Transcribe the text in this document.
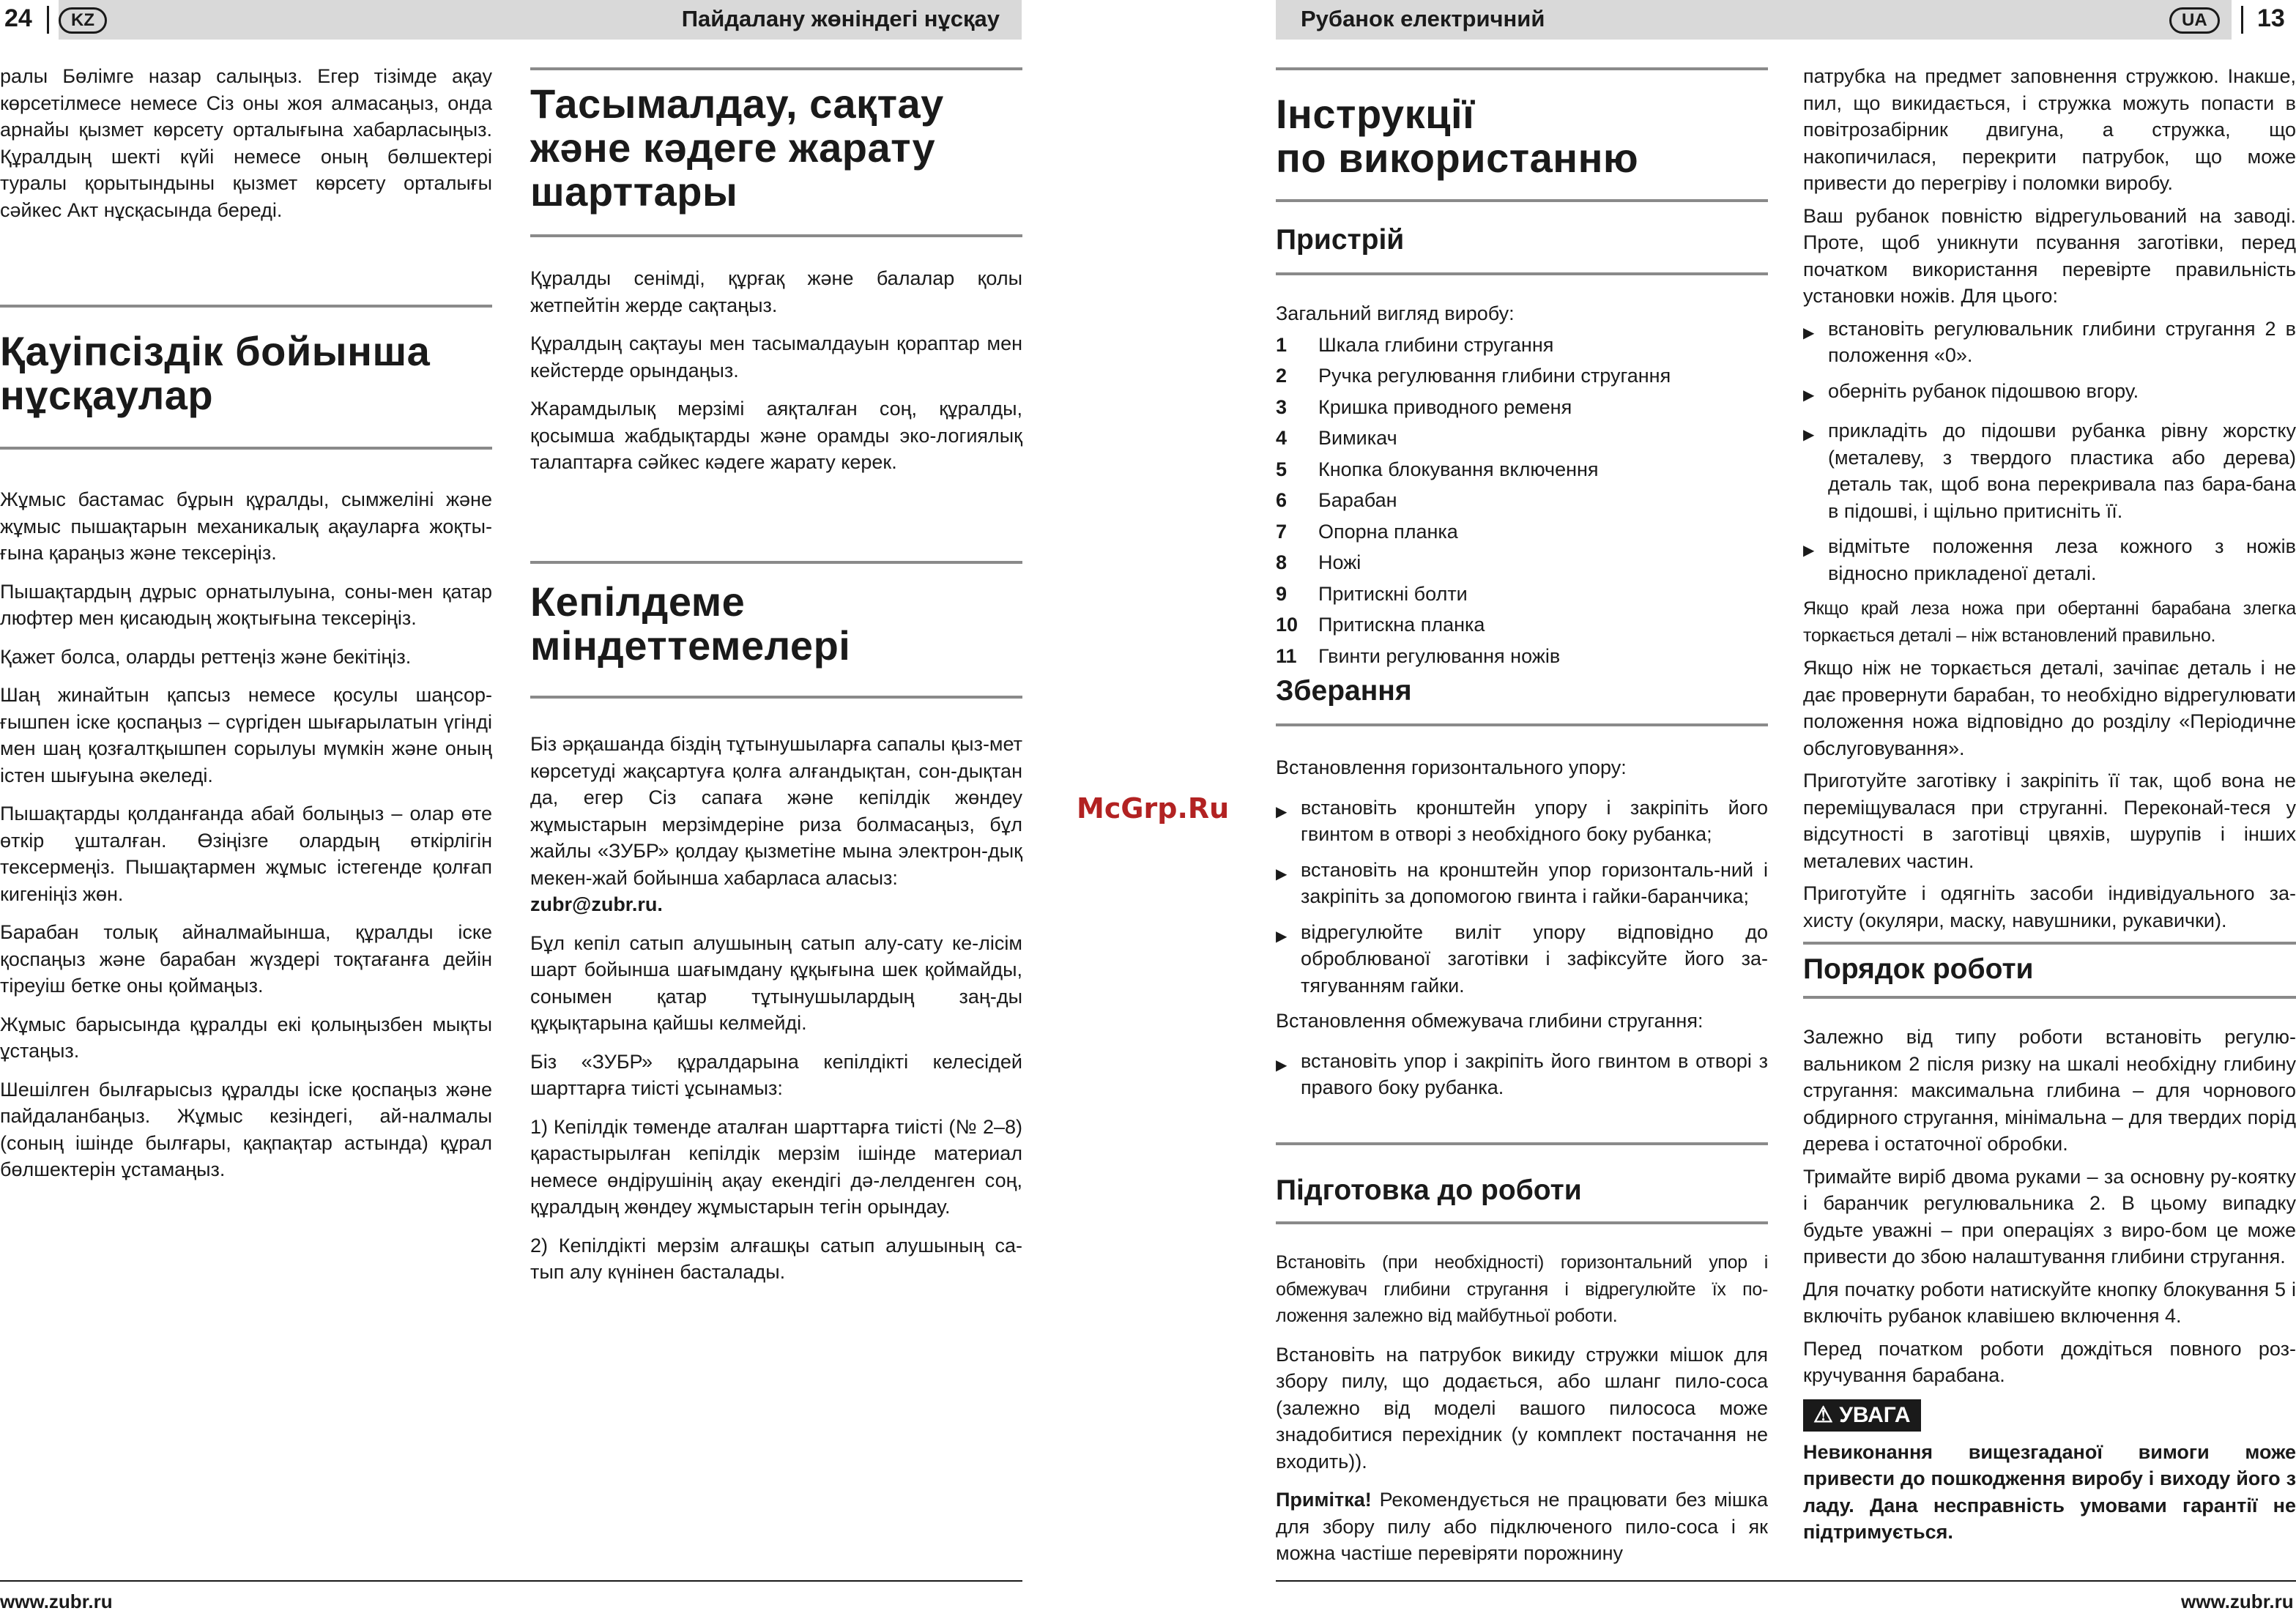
24	KZ	Пайдалану жөніндегі нұсқау
ралы Бөлімге назар салыңыз. Егер тізімде ақау көрсетілмесе немесе Сіз оны жоя алмасаңыз, онда арнайы қызмет көрсету орталығына хабарласыңыз. Құралдың шекті күйі немесе оның бөлшектері туралы қорытындыны қызмет көрсету орталығы сәйкес Акт нұсқасында береді.
Қауіпсіздік бойынша
нұсқаулар

Жұмыс бастамас бұрын құралды, сымжеліні және жұмыс пышақтарын механикалық ақауларға жоқты-ғына қараңыз және тексеріңіз.

Пышақтардың дұрыс орнатылуына, соны-мен қатар люфтер мен қисаюдың жоқтығына тексеріңіз.

Қажет болса, оларды реттеңіз және бекітіңіз.

Шаң жинайтын қапсыз немесе қосулы шаңсор-ғышпен іске қоспаңыз – сүргіден шығарылатын үгінді мен шаң қозғалтқышпен сорылуы мүмкін және оның істен шығуына әкеледі.

Пышақтарды қолданғанда абай болыңыз – олар өте өткір ұшталған. Өзіңізге олардың өткірлігін тексермеңіз. Пышақтармен жұмыс істегенде қолғап кигеніңіз жөн.

Барабан толық айналмайынша, құралды іске қоспаңыз және барабан жүздері тоқтағанға дейін тіреуіш бетке оны қоймаңыз.

Жұмыс барысында құралды екі қолыңызбен мықты ұстаңыз.

Шешілген былғарысыз құралды іске қоспаңыз және пайдаланбаңыз. Жұмыс кезіндегі, ай-налмалы (соның ішінде былғары, қақпақтар астында) құрал бөлшектерін ұстамаңыз.

Тасымалдау, сақтау
және кәдеге жарату
шарттары

Құралды сенімді, құрғақ және балалар қолы жетпейтін жерде сақтаңыз.

Құралдың сақтауы мен тасымалдауын қораптар мен кейстерде орындаңыз.

Жарамдылық мерзімі аяқталған соң, құралды, қосымша жабдықтарды және орамды эко-логиялық талаптарға сәйкес кәдеге жарату керек.

Кепілдеме
міндеттемелері

Біз әрқашанда біздің тұтынушыларға сапалы қыз-мет көрсетуді жақсартуға қолға алғандықтан, сон-дықтан да, егер Сіз сапаға және кепілдік жөндеу жұмыстарын мерзімдеріне риза болмасаңыз, бұл жайлы «ЗУБР» қолдау қызметіне мына электрон-дық мекен-жай бойынша хабарласа аласыз:

zubr@zubr.ru.

Бұл кепіл сатып алушының сатып алу-сату ке-лісім шарт бойынша шағымдану құқығына шек қоймайды, сонымен қатар тұтынушылардың заң-ды құқықтарына қайшы келмейді.

Біз «ЗУБР» құралдарына кепілдікті келесідей шарттарға тиісті ұсынамыз:

1) Кепілдік төменде аталған шарттарға тиісті (№ 2–8) қарастырылған кепілдік мерзім ішінде материал немесе өндірушінің ақау екендігі дә-лелденген соң, құралдың жөндеу жұмыстарын тегін орындау.

2) Кепілдікті мерзім алғашқы сатып алушының са-тып алу күнінен басталады.

www.zubr.ru
McGrp.Ru
Рубанок електричний	UA	13
Інструкції
по використанню
Пристрій

Загальний вигляд виробу:

1	Шкала глибини стругання
2	Ручка регулювання глибини стругання
3	Кришка приводного ременя
4	Вимикач
5	Кнопка блокування включення
6	Барабан
7	Опорна планка
8	Ножі
9	Притискні болти
10	Притискна планка
11	Гвинти регулювання ножів
Зберання

Встановлення горизонтального упору:

▶ встановіть кронштейн упору і закріпіть його гвинтом в отворі з необхідного боку рубанка;
▶ встановіть на кронштейн упор горизонталь-ний і закріпіть за допомогою гвинта і гайки-баранчика;
▶ відрегулюйте виліт упору відповідно до оброблюваної заготівки і зафіксуйте його за-тягуванням гайки.

Встановлення обмежувача глибини стругання:

▶ встановіть упор і закріпіть його гвинтом в отворі з правого боку рубанка.
Підготовка до роботи

Встановіть (при необхідності) горизонтальний упор і обмежувач глибини стругання і відрегулюйте їх по-ложення залежно від майбутньої роботи.

Встановіть на патрубок викиду стружки мішок для збору пилу, що додається, або шланг пило-соса (залежно від моделі вашого пилососа може знадобитися перехідник (у комплект постачання не входить)).

Примітка! Рекомендується не працювати без мішка для збору пилу або підключеного пило-соса і як можна частіше перевіряти порожнину

патрубка на предмет заповнення стружкою. Інакше, пил, що викидається, і стружка можуть попасти в повітрозабірник двигуна, а стружка, що накопичилася, перекрити патрубок, що може привести до перегріву і поломки виробу.

Ваш рубанок повністю відрегульований на заводі. Проте, щоб уникнути псування заготівки, перед початком використання перевірте правильність установки ножів. Для цього:

▶ встановіть регулювальник глибини стругання 2 в положення «0».
▶ оберніть рубанок підошвою вгору.
▶ прикладіть до підошви рубанка рівну жорстку (металеву, з твердого пластика або дерева) деталь так, щоб вона перекривала паз бара-бана в підошві, і щільно притисніть її.
▶ відмітьте положення леза кожного з ножів відносно прикладеної деталі.

Якщо край леза ножа при обертанні барабана злегка торкається деталі – ніж встановлений правильно.

Якщо ніж не торкається деталі, зачіпає деталь і не дає провернути барабан, то необхідно відрегулювати положення ножа відповідно до розділу «Періодичне обслуговування».

Приготуйте заготівку і закріпіть її так, щоб вона не переміщувалася при струганні. Переконай-теся у відсутності в заготівці цвяхів, шурупів і інших металевих частин.

Приготуйте і одягніть засоби індивідуального за-хисту (окуляри, маску, навушники, рукавички).

Порядок роботи

Залежно від типу роботи встановіть регулю-вальником 2 після ризку на шкалі необхідну глибину стругання: максимальна глибина – для чорнового обдирного стругання, мінімальна – для твердих порід дерева і остаточної обробки.

Тримайте виріб двома руками – за основну ру-коятку і баранчик регулювальника 2. В цьому випадку будьте уважні – при операціях з виро-бом це може привести до збою налаштування глибини стругання.

Для початку роботи натискуйте кнопку блокування 5 і включіть рубанок клавішею включення 4.

Перед початком роботи дождіться повного роз-кручування барабана.

⚠ УВАГА

Невиконання вищезгаданої вимоги може привести до пошкодження виробу і виходу його з ладу. Дана несправність умовами гарантії не підтримується.

www.zubr.ru
